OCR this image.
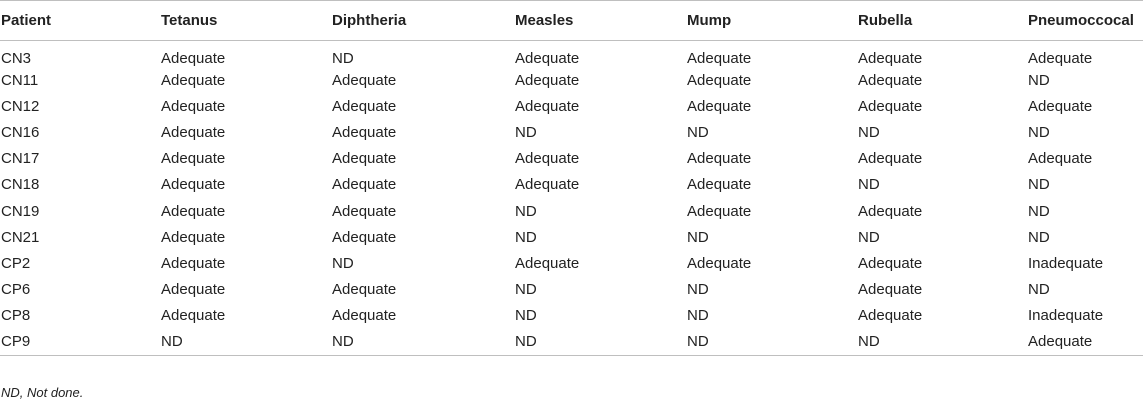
Patient	Tetanus	Diphtheria	Measles	Mump	Rubella	Pneumoccocal
CN3	Adequate	ND	Adequate	Adequate	Adequate	Adequate
CN11	Adequate	Adequate	Adequate	Adequate	Adequate	ND
CN12	Adequate	Adequate	Adequate	Adequate	Adequate	Adequate
CN16	Adequate	Adequate	ND	ND	ND	ND
CN17	Adequate	Adequate	Adequate	Adequate	Adequate	Adequate
CN18	Adequate	Adequate	Adequate	Adequate	ND	ND
CN19	Adequate	Adequate	ND	Adequate	Adequate	ND
CN21	Adequate	Adequate	ND	ND	ND	ND
CP2	Adequate	ND	Adequate	Adequate	Adequate	Inadequate
CP6	Adequate	Adequate	ND	ND	Adequate	ND
CP8	Adequate	Adequate	ND	ND	Adequate	Inadequate
CP9	ND	ND	ND	ND	ND	Adequate
ND, Not done.
